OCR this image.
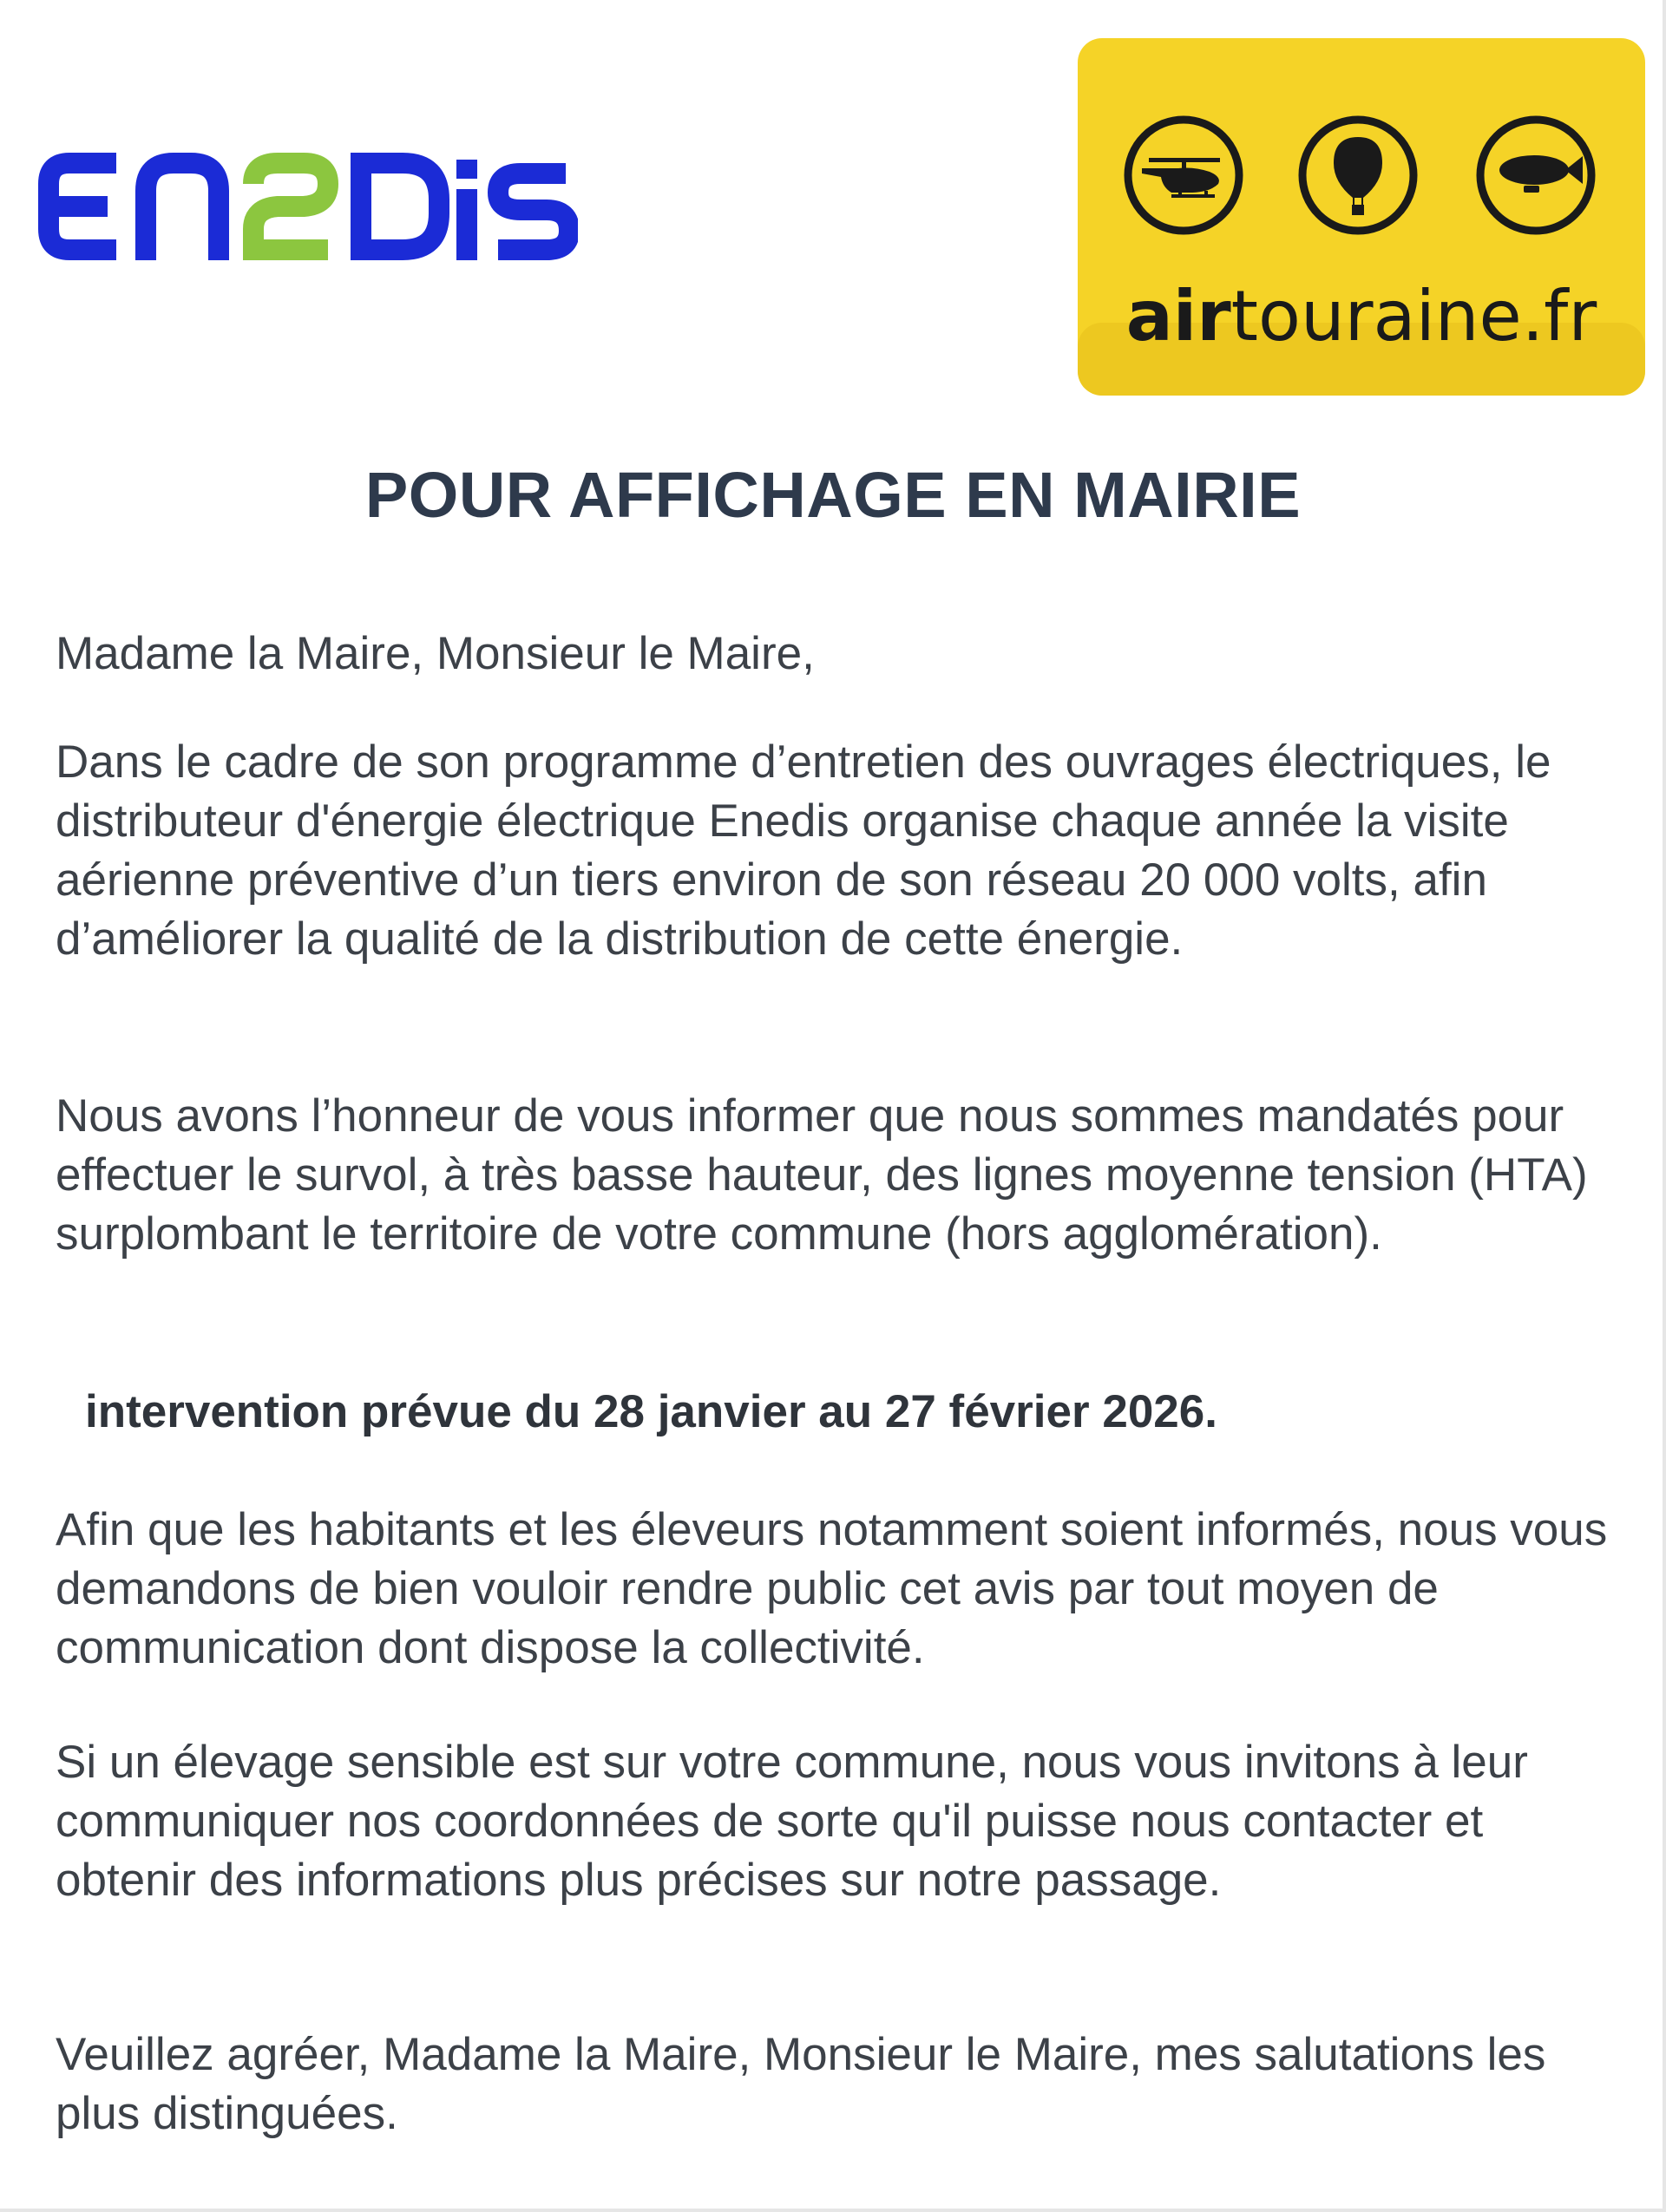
airtouraine.fr
POUR AFFICHAGE EN MAIRIE

Madame la Maire, Monsieur le Maire,

Dans le cadre de son programme d’entretien des ouvrages électriques, le distributeur d'énergie électrique Enedis organise chaque année la visite aérienne préventive d’un tiers environ de son réseau 20 000 volts, afin d’améliorer la qualité de la distribution de cette énergie.

Nous avons l’honneur de vous informer que nous sommes mandatés pour effectuer le survol, à très basse hauteur, des lignes moyenne tension (HTA) surplombant le territoire de votre commune (hors agglomération).

intervention prévue du 28 janvier au 27 février 2026.

Afin que les habitants et les éleveurs notamment soient informés, nous vous demandons de bien vouloir rendre public cet avis par tout moyen de communication dont dispose la collectivité.

Si un élevage sensible est sur votre commune, nous vous invitons à leur communiquer nos coordonnées de sorte qu'il puisse nous contacter et obtenir des informations plus précises sur notre passage.

Veuillez agréer, Madame la Maire, Monsieur le Maire, mes salutations les plus distinguées.
